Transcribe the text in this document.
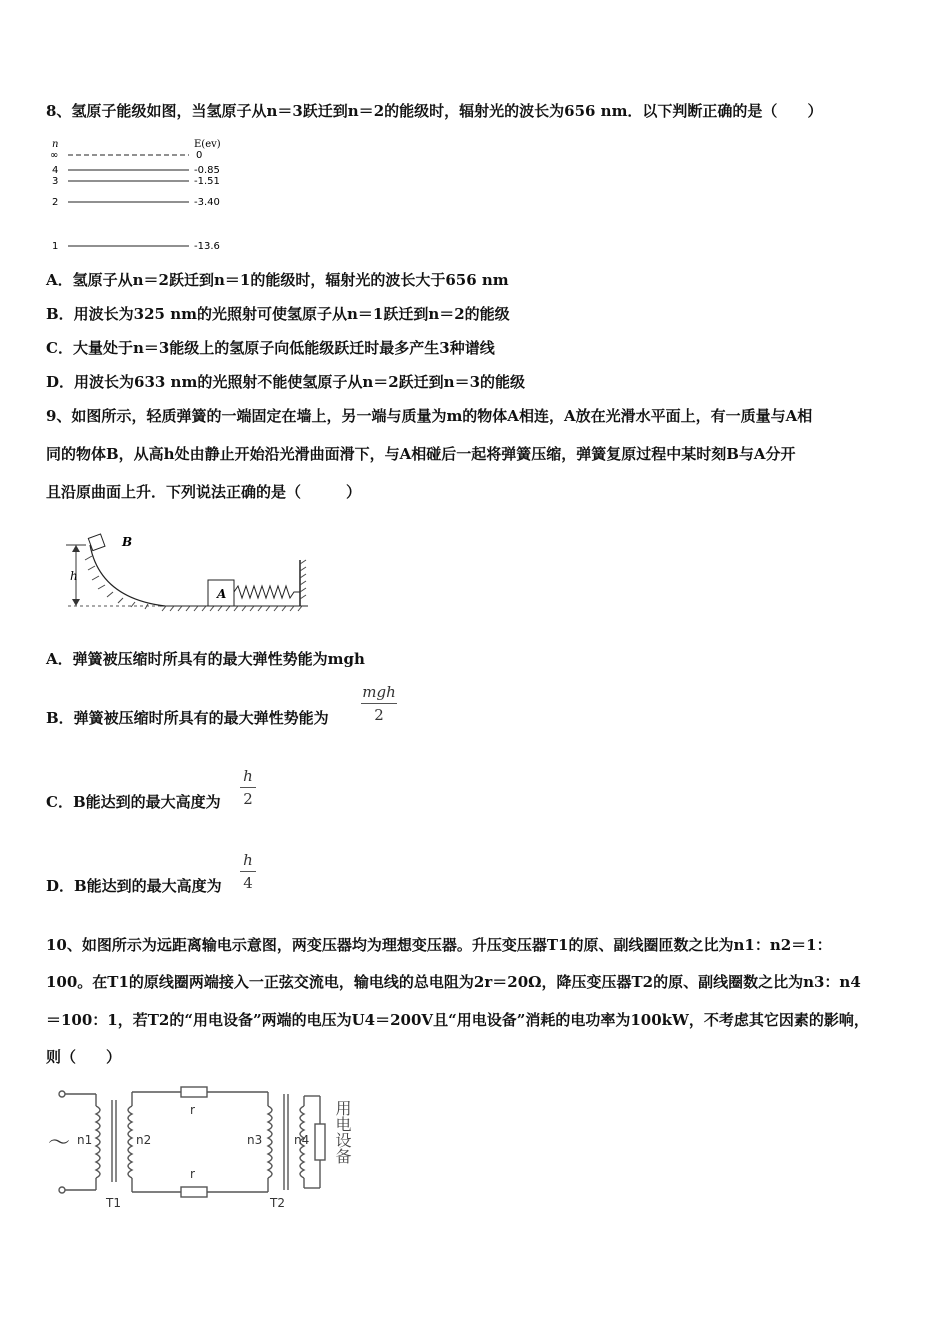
8、氢原子能级如图，当氢原子从n＝3跃迁到n＝2的能级时，辐射光的波长为656 nm．以下判断正确的是（　　）
n	E(ev)
∞	0
4	-0.85
3	-1.51
2	-3.40
1	-13.6
A．氢原子从n＝2跃迁到n＝1的能级时，辐射光的波长大于656 nm
B．用波长为325 nm的光照射可使氢原子从n＝1跃迁到n＝2的能级
C．大量处于n＝3能级上的氢原子向低能级跃迁时最多产生3种谱线
D．用波长为633 nm的光照射不能使氢原子从n＝2跃迁到n＝3的能级
9、如图所示，轻质弹簧的一端固定在墙上，另一端与质量为m的物体A相连，A放在光滑水平面上，有一质量与A相
同的物体B，从高h处由静止开始沿光滑曲面滑下，与A相碰后一起将弹簧压缩，弹簧复原过程中某时刻B与A分开
且沿原曲面上升．下列说法正确的是（　　　）
h
B
A
A．弹簧被压缩时所具有的最大弹性势能为mgh
B．弹簧被压缩时所具有的最大弹性势能为
mgh
2
C．B能达到的最大高度为 $\frac{h}{2}$
D．B能达到的最大高度为 $\frac{h}{4}$
10、如图所示为远距离输电示意图，两变压器均为理想变压器。升压变压器T1的原、副线圈匝数之比为n1：n2＝1：
100。在T1的原线圈两端接入一正弦交流电，输电线的总电阻为2r＝20Ω，降压变压器T2的原、副线圈数之比为n3：n4
＝100：1，若T2的“用电设备”两端的电压为U4＝200V且“用电设备”消耗的电功率为100kW，不考虑其它因素的影响，
则（　　）
～ n1	n2
r
r
n3	n4
T1	T2
用电设备
